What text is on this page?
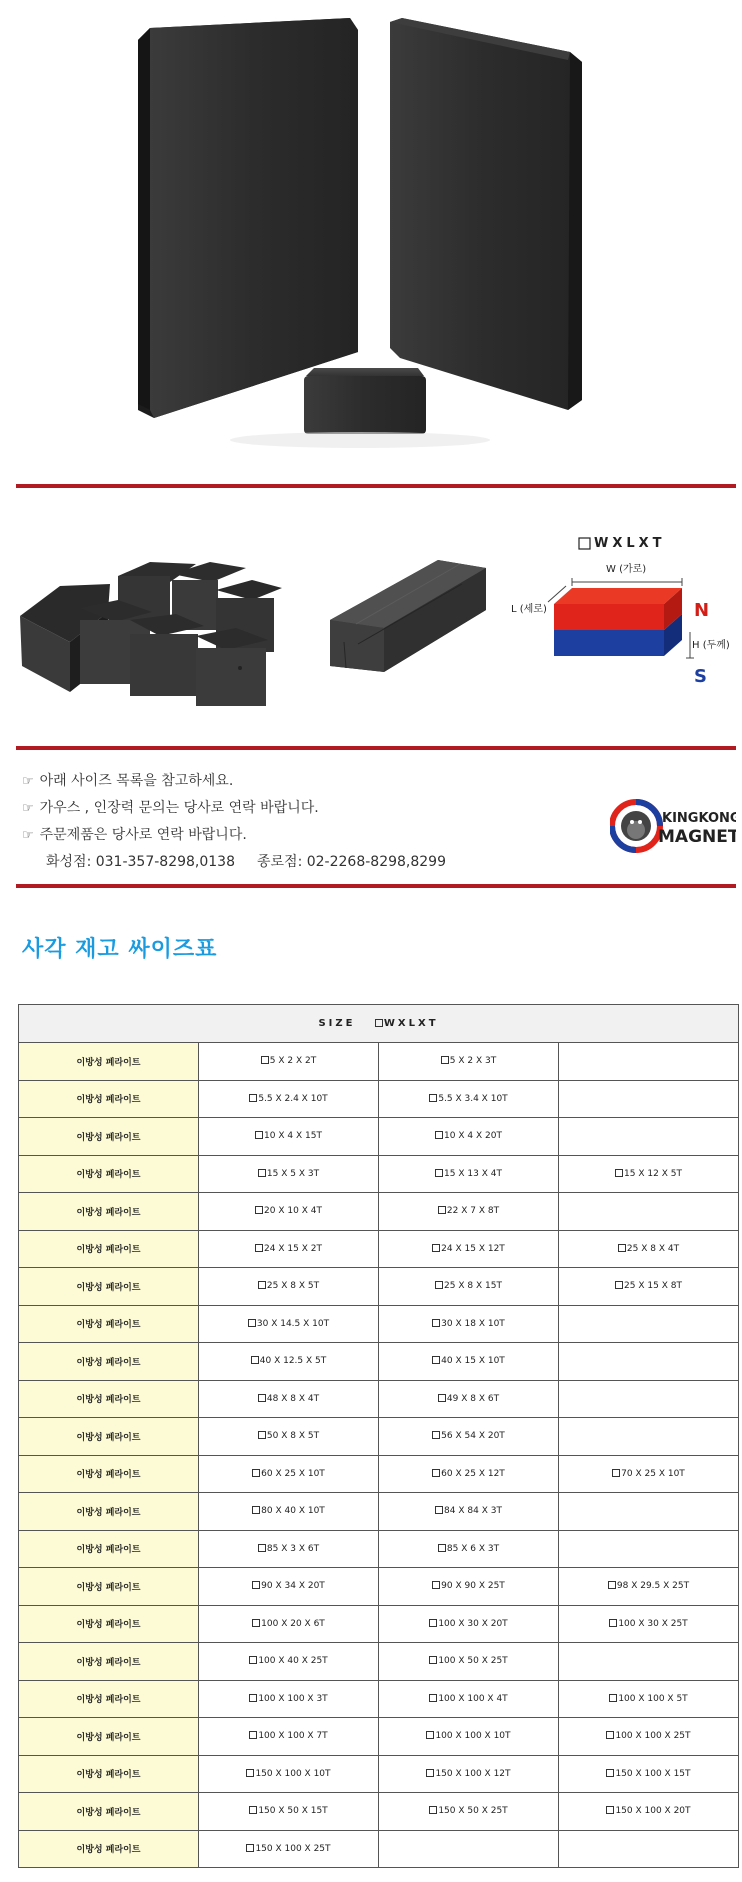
WXLXT
W (가로)
L (세로)
H (두께)
N
S
☞ 아래 사이즈 목록을 참고하세요.
☞ 가우스 , 인장력 문의는 당사로 연락 바랍니다.
☞ 주문제품은 당사로 연락 바랍니다.
화성점: 031-357-8298,0138 종로점: 02-2268-8298,8299
N
S
S
N
KINGKONG
MAGNET
사각 재고 싸이즈표
SIZE WXLXT			
이방성 페라이트	5 X 2 X 2T	5 X 2 X 3T	
이방성 페라이트	5.5 X 2.4 X 10T	5.5 X 3.4 X 10T	
이방성 페라이트	10 X 4 X 15T	10 X 4 X 20T	
이방성 페라이트	15 X 5 X 3T	15 X 13 X 4T	15 X 12 X 5T
이방성 페라이트	20 X 10 X 4T	22 X 7 X 8T	
이방성 페라이트	24 X 15 X 2T	24 X 15 X 12T	25 X 8 X 4T
이방성 페라이트	25 X 8 X 5T	25 X 8 X 15T	25 X 15 X 8T
이방성 페라이트	30 X 14.5 X 10T	30 X 18 X 10T	
이방성 페라이트	40 X 12.5 X 5T	40 X 15 X 10T	
이방성 페라이트	48 X 8 X 4T	49 X 8 X 6T	
이방성 페라이트	50 X 8 X 5T	56 X 54 X 20T	
이방성 페라이트	60 X 25 X 10T	60 X 25 X 12T	70 X 25 X 10T
이방성 페라이트	80 X 40 X 10T	84 X 84 X 3T	
이방성 페라이트	85 X 3 X 6T	85 X 6 X 3T	
이방성 페라이트	90 X 34 X 20T	90 X 90 X 25T	98 X 29.5 X 25T
이방성 페라이트	100 X 20 X 6T	100 X 30 X 20T	100 X 30 X 25T
이방성 페라이트	100 X 40 X 25T	100 X 50 X 25T	
이방성 페라이트	100 X 100 X 3T	100 X 100 X 4T	100 X 100 X 5T
이방성 페라이트	100 X 100 X 7T	100 X 100 X 10T	100 X 100 X 25T
이방성 페라이트	150 X 100 X 10T	150 X 100 X 12T	150 X 100 X 15T
이방성 페라이트	150 X 50 X 15T	150 X 50 X 25T	150 X 100 X 20T
이방성 페라이트	150 X 100 X 25T		
